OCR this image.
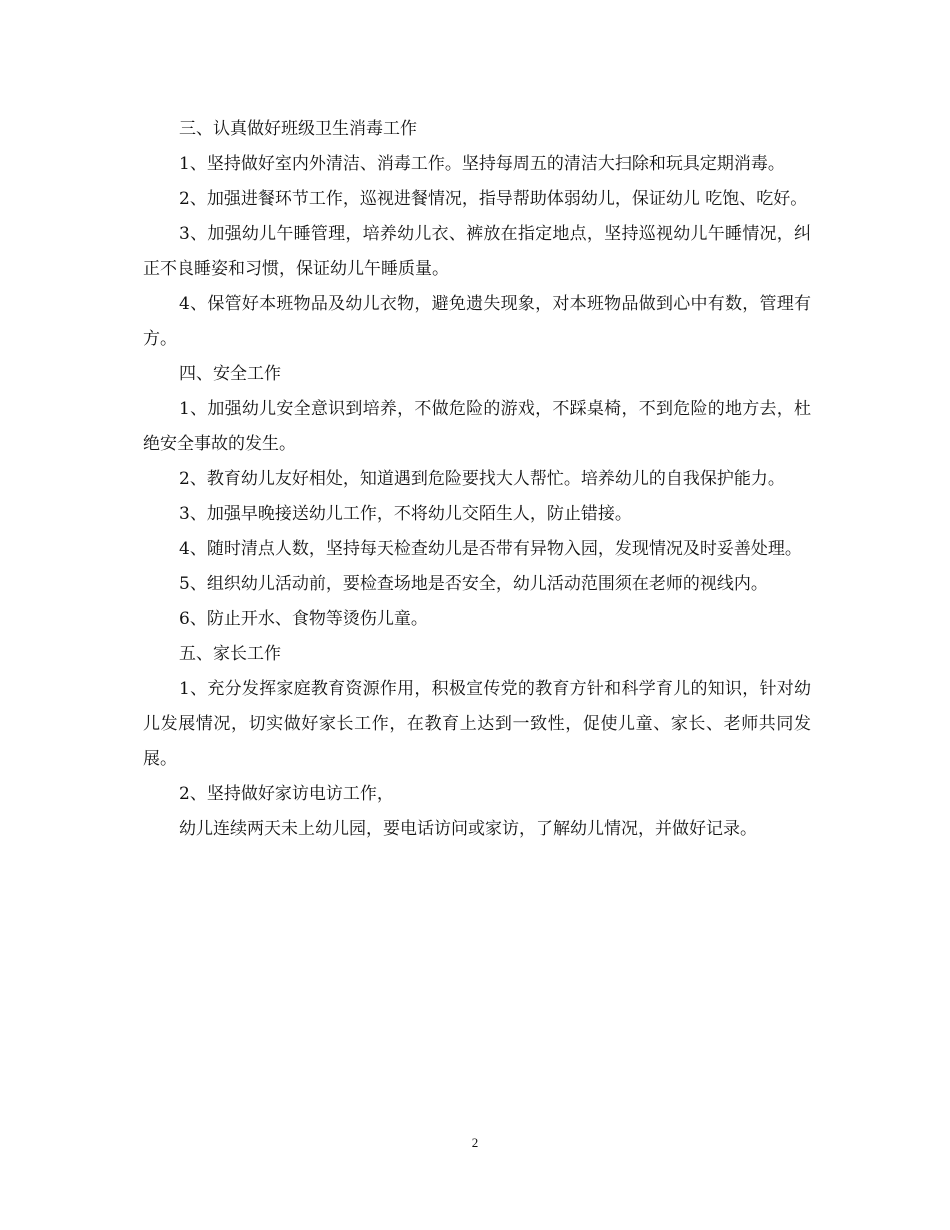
三、认真做好班级卫生消毒工作

1、坚持做好室内外清洁、消毒工作。坚持每周五的清洁大扫除和玩具定期消毒。

2、加强进餐环节工作，巡视进餐情况，指导帮助体弱幼儿，保证幼儿 吃饱、吃好。

3、加强幼儿午睡管理，培养幼儿衣、裤放在指定地点，坚持巡视幼儿午睡情况，纠正不良睡姿和习惯，保证幼儿午睡质量。

4、保管好本班物品及幼儿衣物，避免遗失现象，对本班物品做到心中有数，管理有方。

四、安全工作

1、加强幼儿安全意识到培养，不做危险的游戏，不踩桌椅，不到危险的地方去，杜绝安全事故的发生。

2、教育幼儿友好相处，知道遇到危险要找大人帮忙。培养幼儿的自我保护能力。

3、加强早晚接送幼儿工作，不将幼儿交陌生人，防止错接。

4、随时清点人数，坚持每天检查幼儿是否带有异物入园，发现情况及时妥善处理。

5、组织幼儿活动前，要检查场地是否安全，幼儿活动范围须在老师的视线内。

6、防止开水、食物等烫伤儿童。

五、家长工作

1、充分发挥家庭教育资源作用，积极宣传党的教育方针和科学育儿的知识，针对幼儿发展情况，切实做好家长工作，在教育上达到一致性，促使儿童、家长、老师共同发展。

2、坚持做好家访电访工作，

幼儿连续两天未上幼儿园，要电话访问或家访，了解幼儿情况，并做好记录。

2
